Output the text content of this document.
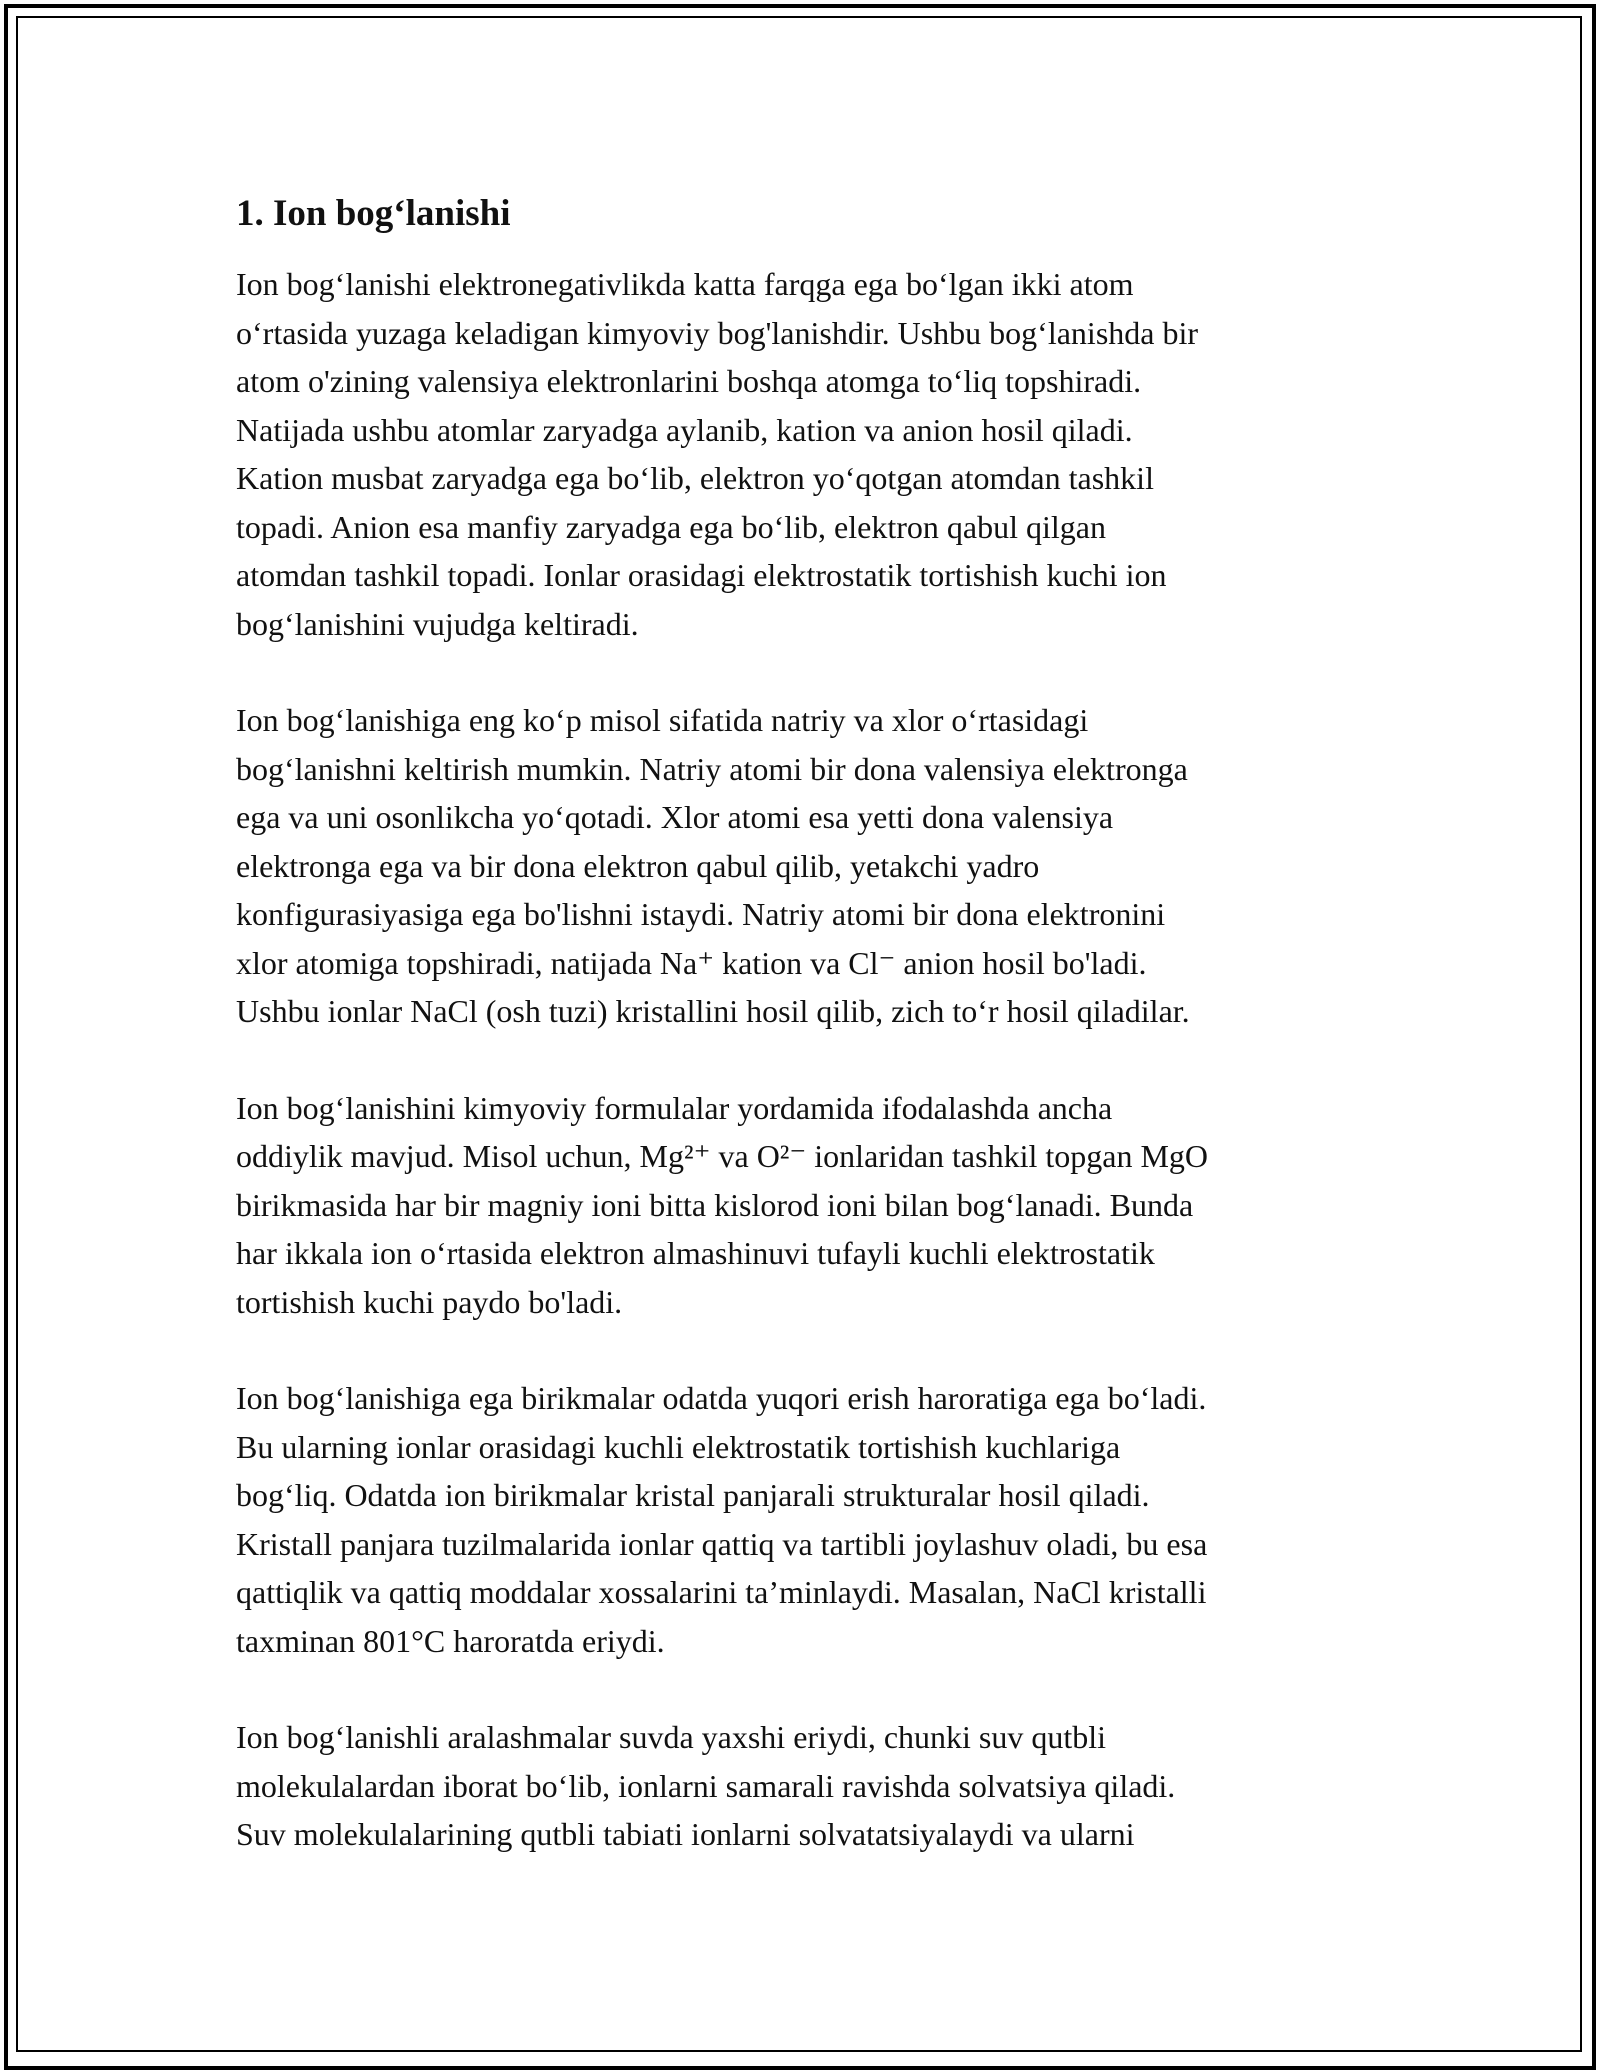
1. Ion bog‘lanishi

Ion bog‘lanishi elektronegativlikda katta farqga ega bo‘lgan ikki atom
o‘rtasida yuzaga keladigan kimyoviy bog'lanishdir. Ushbu bog‘lanishda bir
atom o'zining valensiya elektronlarini boshqa atomga to‘liq topshiradi.
Natijada ushbu atomlar zaryadga aylanib, kation va anion hosil qiladi.
Kation musbat zaryadga ega bo‘lib, elektron yo‘qotgan atomdan tashkil
topadi. Anion esa manfiy zaryadga ega bo‘lib, elektron qabul qilgan
atomdan tashkil topadi. Ionlar orasidagi elektrostatik tortishish kuchi ion
bog‘lanishini vujudga keltiradi.

Ion bog‘lanishiga eng ko‘p misol sifatida natriy va xlor o‘rtasidagi
bog‘lanishni keltirish mumkin. Natriy atomi bir dona valensiya elektronga
ega va uni osonlikcha yo‘qotadi. Xlor atomi esa yetti dona valensiya
elektronga ega va bir dona elektron qabul qilib, yetakchi yadro
konfigurasiyasiga ega bo'lishni istaydi. Natriy atomi bir dona elektronini
xlor atomiga topshiradi, natijada Na⁺ kation va Cl⁻ anion hosil bo'ladi.
Ushbu ionlar NaCl (osh tuzi) kristallini hosil qilib, zich to‘r hosil qiladilar.

Ion bog‘lanishini kimyoviy formulalar yordamida ifodalashda ancha
oddiylik mavjud. Misol uchun, Mg²⁺ va O²⁻ ionlaridan tashkil topgan MgO
birikmasida har bir magniy ioni bitta kislorod ioni bilan bog‘lanadi. Bunda
har ikkala ion o‘rtasida elektron almashinuvi tufayli kuchli elektrostatik
tortishish kuchi paydo bo'ladi.

Ion bog‘lanishiga ega birikmalar odatda yuqori erish haroratiga ega bo‘ladi.
Bu ularning ionlar orasidagi kuchli elektrostatik tortishish kuchlariga
bog‘liq. Odatda ion birikmalar kristal panjarali strukturalar hosil qiladi.
Kristall panjara tuzilmalarida ionlar qattiq va tartibli joylashuv oladi, bu esa
qattiqlik va qattiq moddalar xossalarini ta’minlaydi. Masalan, NaCl kristalli
taxminan 801°C haroratda eriydi.

Ion bog‘lanishli aralashmalar suvda yaxshi eriydi, chunki suv qutbli
molekulalardan iborat bo‘lib, ionlarni samarali ravishda solvatsiya qiladi.
Suv molekulalarining qutbli tabiati ionlarni solvatatsiyalaydi va ularni
